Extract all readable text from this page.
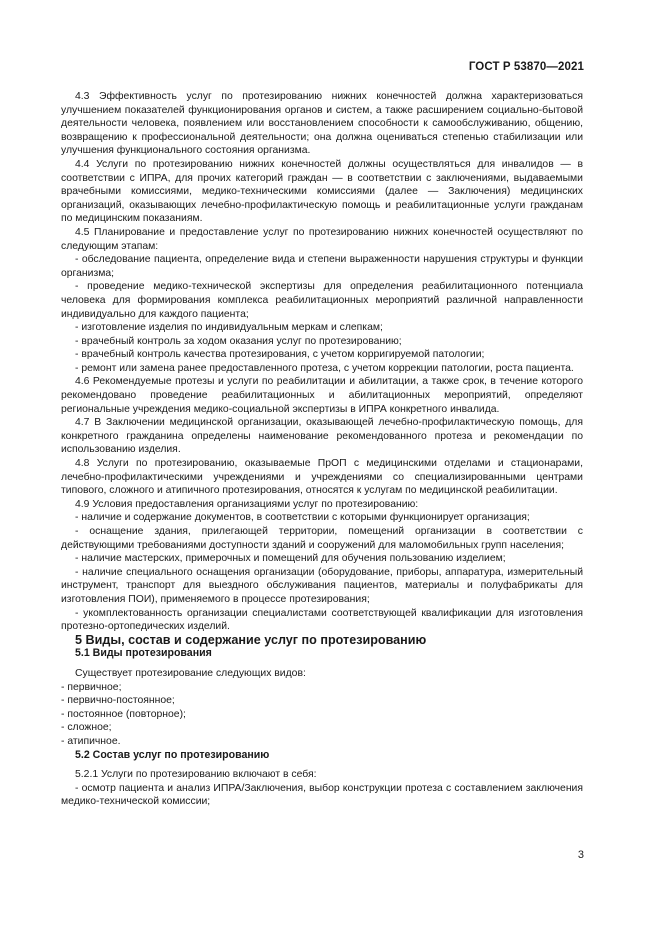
ГОСТ Р 53870—2021

4.3 Эффективность услуг по протезированию нижних конечностей должна характеризоваться улучшением показателей функционирования органов и систем, а также расширением социально-бытовой деятельности человека, появлением или восстановлением способности к самообслуживанию, общению, возвращению к профессиональной деятельности; она должна оцениваться степенью стабилизации или улучшения функционального состояния организма.

4.4 Услуги по протезированию нижних конечностей должны осуществляться для инвалидов — в соответствии с ИПРА, для прочих категорий граждан — в соответствии с заключениями, выдаваемыми врачебными комиссиями, медико-техническими комиссиями (далее — Заключения) медицинских организаций, оказывающих лечебно-профилактическую помощь и реабилитационные услуги гражданам по медицинским показаниям.

4.5 Планирование и предоставление услуг по протезированию нижних конечностей осуществляют по следующим этапам:

- обследование пациента, определение вида и степени выраженности нарушения структуры и функции организма;

- проведение медико-технической экспертизы для определения реабилитационного потенциала человека для формирования комплекса реабилитационных мероприятий различной направленности индивидуально для каждого пациента;

- изготовление изделия по индивидуальным меркам и слепкам;

- врачебный контроль за ходом оказания услуг по протезированию;

- врачебный контроль качества протезирования, с учетом корригируемой патологии;

- ремонт или замена ранее предоставленного протеза, с учетом коррекции патологии, роста пациента.

4.6 Рекомендуемые протезы и услуги по реабилитации и абилитации, а также срок, в течение которого рекомендовано проведение реабилитационных и абилитационных мероприятий, определяют региональные учреждения медико-социальной экспертизы в ИПРА конкретного инвалида.

4.7 В Заключении медицинской организации, оказывающей лечебно-профилактическую помощь, для конкретного гражданина определены наименование рекомендованного протеза и рекомендации по использованию изделия.

4.8 Услуги по протезированию, оказываемые ПрОП с медицинскими отделами и стационарами, лечебно-профилактическими учреждениями и учреждениями со специализированными центрами типового, сложного и атипичного протезирования, относятся к услугам по медицинской реабилитации.

4.9 Условия предоставления организациями услуг по протезированию:

- наличие и содержание документов, в соответствии с которыми функционирует организация;

- оснащение здания, прилегающей территории, помещений организации в соответствии с действующими требованиями доступности зданий и сооружений для маломобильных групп населения;

- наличие мастерских, примерочных и помещений для обучения пользованию изделием;

- наличие специального оснащения организации (оборудование, приборы, аппаратура, измерительный инструмент, транспорт для выездного обслуживания пациентов, материалы и полуфабрикаты для изготовления ПОИ), применяемого в процессе протезирования;

- укомплектованность организации специалистами соответствующей квалификации для изготовления протезно-ортопедических изделий.

5 Виды, состав и содержание услуг по протезированию

5.1 Виды протезирования

Существует протезирование следующих видов:

- первичное;

- первично-постоянное;

- постоянное (повторное);

- сложное;

- атипичное.

5.2 Состав услуг по протезированию

5.2.1 Услуги по протезированию включают в себя:

- осмотр пациента и анализ ИПРА/Заключения, выбор конструкции протеза с составлением заключения медико-технической комиссии;

3
